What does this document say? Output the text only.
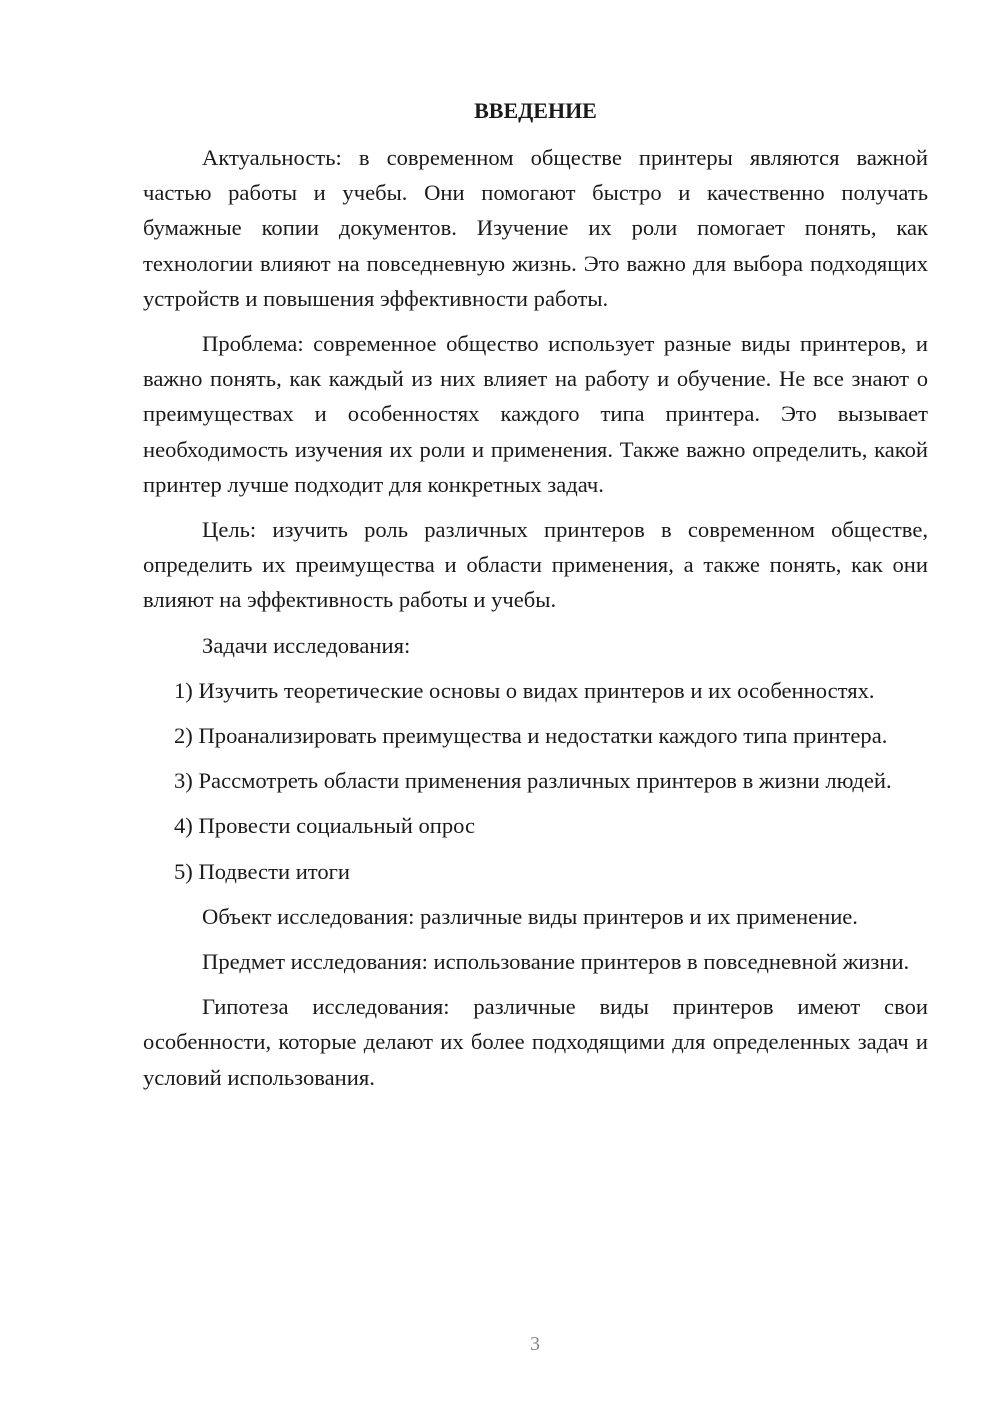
ВВЕДЕНИЕ

Актуальность: в современном обществе принтеры являются важной частью работы и учебы. Они помогают быстро и качественно получать бумажные копии документов. Изучение их роли помогает понять, как технологии влияют на повседневную жизнь. Это важно для выбора подходящих устройств и повышения эффективности работы.

Проблема: современное общество использует разные виды принтеров, и важно понять, как каждый из них влияет на работу и обучение. Не все знают о преимуществах и особенностях каждого типа принтера. Это вызывает необходимость изучения их роли и применения. Также важно определить, какой принтер лучше подходит для конкретных задач.

Цель: изучить роль различных принтеров в современном обществе, определить их преимущества и области применения, а также понять, как они влияют на эффективность работы и учебы.

Задачи исследования:

1) Изучить теоретические основы о видах принтеров и их особенностях.

2) Проанализировать преимущества и недостатки каждого типа принтера.

3) Рассмотреть области применения различных принтеров в жизни людей.

4) Провести социальный опрос

5) Подвести итоги

Объект исследования: различные виды принтеров и их применение.

Предмет исследования: использование принтеров в повседневной жизни.

Гипотеза исследования: различные виды принтеров имеют свои особенности, которые делают их более подходящими для определенных задач и условий использования.

3
